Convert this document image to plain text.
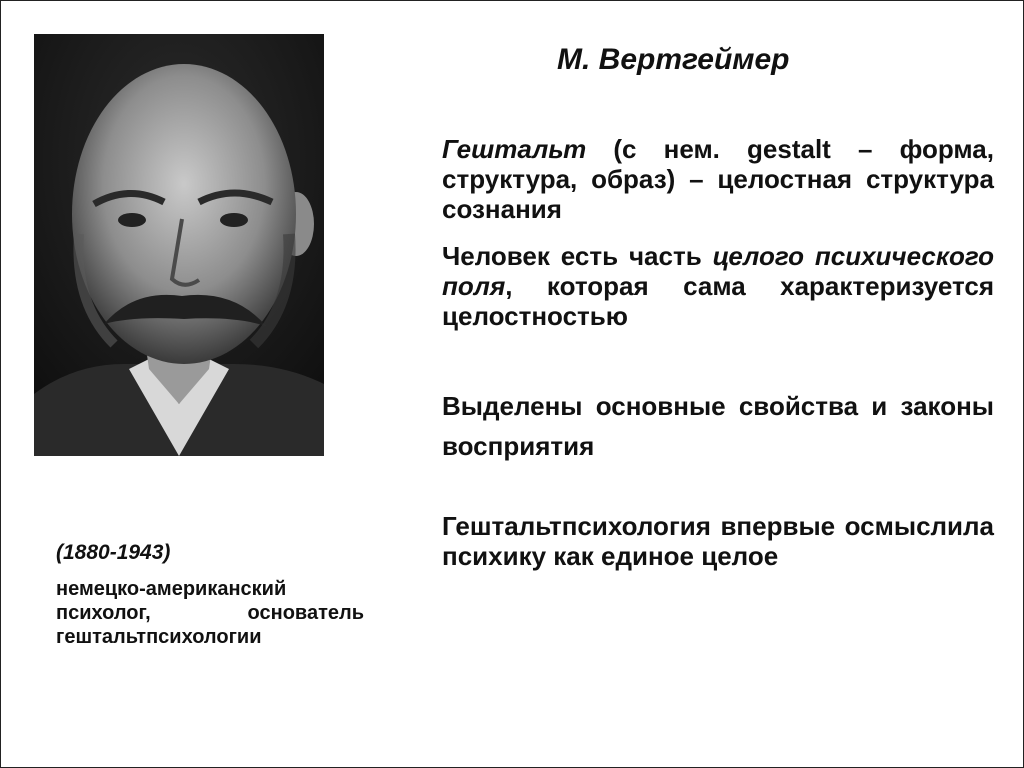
М. Вертгеймер
Гештальт (с нем. gestalt – форма, структура, образ) – целостная структура сознания
Человек есть часть целого психического поля, которая сама характеризуется целостностью
Выделены основные свойства и законы восприятия
Гештальтпсихология впервые осмыслила психику как единое целое
(1880-1943)
немецко-американский психолог, основатель гештальтпсихологии
